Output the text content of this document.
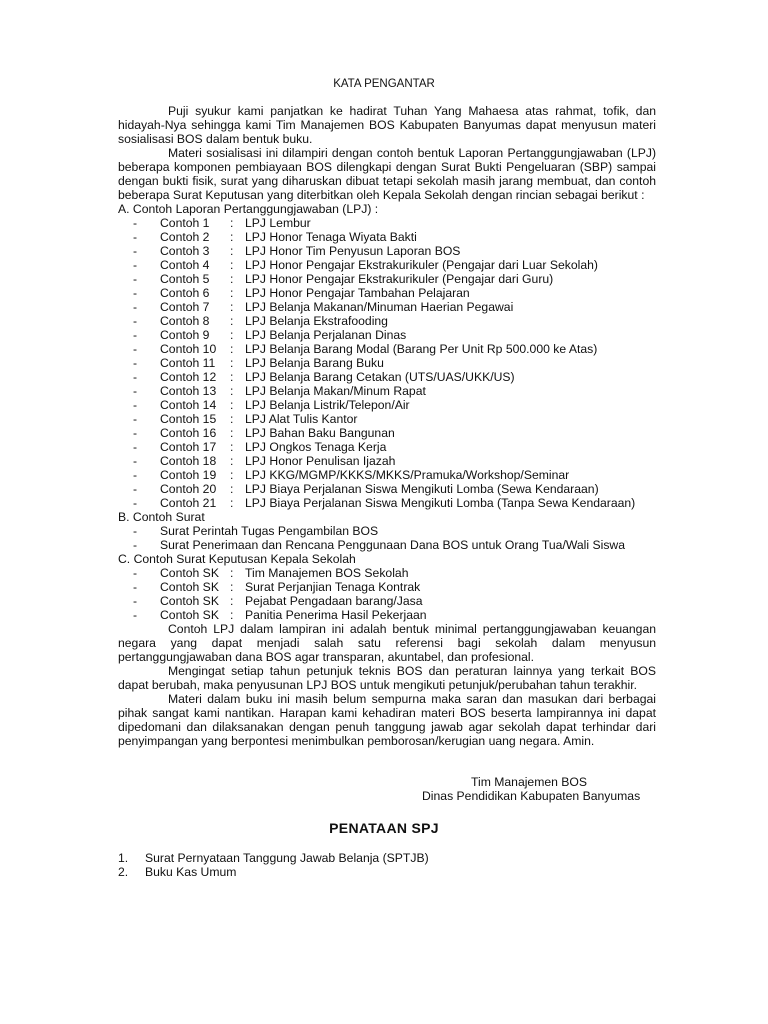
KATA PENGANTAR
Puji syukur kami panjatkan ke hadirat Tuhan Yang Mahaesa atas rahmat, tofik, dan hidayah-Nya sehingga kami Tim Manajemen BOS Kabupaten Banyumas dapat menyusun materi sosialisasi BOS dalam bentuk buku.
Materi sosialisasi ini dilampiri dengan contoh bentuk Laporan Pertanggungjawaban (LPJ) beberapa komponen pembiayaan BOS dilengkapi dengan Surat Bukti Pengeluaran (SBP) sampai dengan bukti fisik, surat yang diharuskan dibuat tetapi sekolah masih jarang membuat, dan contoh beberapa Surat Keputusan yang diterbitkan oleh Kepala Sekolah dengan rincian sebagai berikut :
A. Contoh Laporan Pertanggungjawaban (LPJ) :
- Contoh 1 : LPJ Lembur
- Contoh 2 : LPJ Honor Tenaga Wiyata Bakti
- Contoh 3 : LPJ Honor Tim Penyusun Laporan BOS
- Contoh 4 : LPJ Honor Pengajar Ekstrakurikuler (Pengajar dari Luar Sekolah)
- Contoh 5 : LPJ Honor Pengajar Ekstrakurikuler (Pengajar dari Guru)
- Contoh 6 : LPJ Honor Pengajar Tambahan Pelajaran
- Contoh 7 : LPJ Belanja Makanan/Minuman Haerian Pegawai
- Contoh 8 : LPJ Belanja Ekstrafooding
- Contoh 9 : LPJ Belanja Perjalanan Dinas
- Contoh 10 : LPJ Belanja Barang Modal (Barang Per Unit Rp 500.000 ke Atas)
- Contoh 11 : LPJ Belanja Barang Buku
- Contoh 12 : LPJ Belanja Barang Cetakan (UTS/UAS/UKK/US)
- Contoh 13 : LPJ Belanja Makan/Minum Rapat
- Contoh 14 : LPJ Belanja Listrik/Telepon/Air
- Contoh 15 : LPJ Alat Tulis Kantor
- Contoh 16 : LPJ Bahan Baku Bangunan
- Contoh 17 : LPJ Ongkos Tenaga Kerja
- Contoh 18 : LPJ Honor Penulisan Ijazah
- Contoh 19 : LPJ KKG/MGMP/KKKS/MKKS/Pramuka/Workshop/Seminar
- Contoh 20 : LPJ Biaya Perjalanan Siswa Mengikuti Lomba (Sewa Kendaraan)
- Contoh 21 : LPJ Biaya Perjalanan Siswa Mengikuti Lomba (Tanpa Sewa Kendaraan)
B. Contoh Surat
- Surat Perintah Tugas Pengambilan BOS
- Surat Penerimaan dan Rencana Penggunaan Dana BOS untuk Orang Tua/Wali Siswa
C. Contoh Surat Keputusan Kepala Sekolah
- Contoh SK : Tim Manajemen BOS Sekolah
- Contoh SK : Surat Perjanjian Tenaga Kontrak
- Contoh SK : Pejabat Pengadaan barang/Jasa
- Contoh SK : Panitia Penerima Hasil Pekerjaan
Contoh LPJ dalam lampiran ini adalah bentuk minimal pertanggungjawaban keuangan negara yang dapat menjadi salah satu referensi bagi sekolah dalam menyusun pertanggungjawaban dana BOS agar transparan, akuntabel, dan profesional.
Mengingat setiap tahun petunjuk teknis BOS dan peraturan lainnya yang terkait BOS dapat berubah, maka penyusunan LPJ BOS untuk mengikuti petunjuk/perubahan tahun terakhir.
Materi dalam buku ini masih belum sempurna maka saran dan masukan dari berbagai pihak sangat kami nantikan. Harapan kami kehadiran materi BOS beserta lampirannya ini dapat dipedomani dan dilaksanakan dengan penuh tanggung jawab agar sekolah dapat terhindar dari penyimpangan yang berpontesi menimbulkan pemborosan/kerugian uang negara. Amin.
Tim Manajemen BOS
Dinas Pendidikan Kabupaten Banyumas
PENATAAN SPJ
1. Surat Pernyataan Tanggung Jawab Belanja (SPTJB)
2. Buku Kas Umum
